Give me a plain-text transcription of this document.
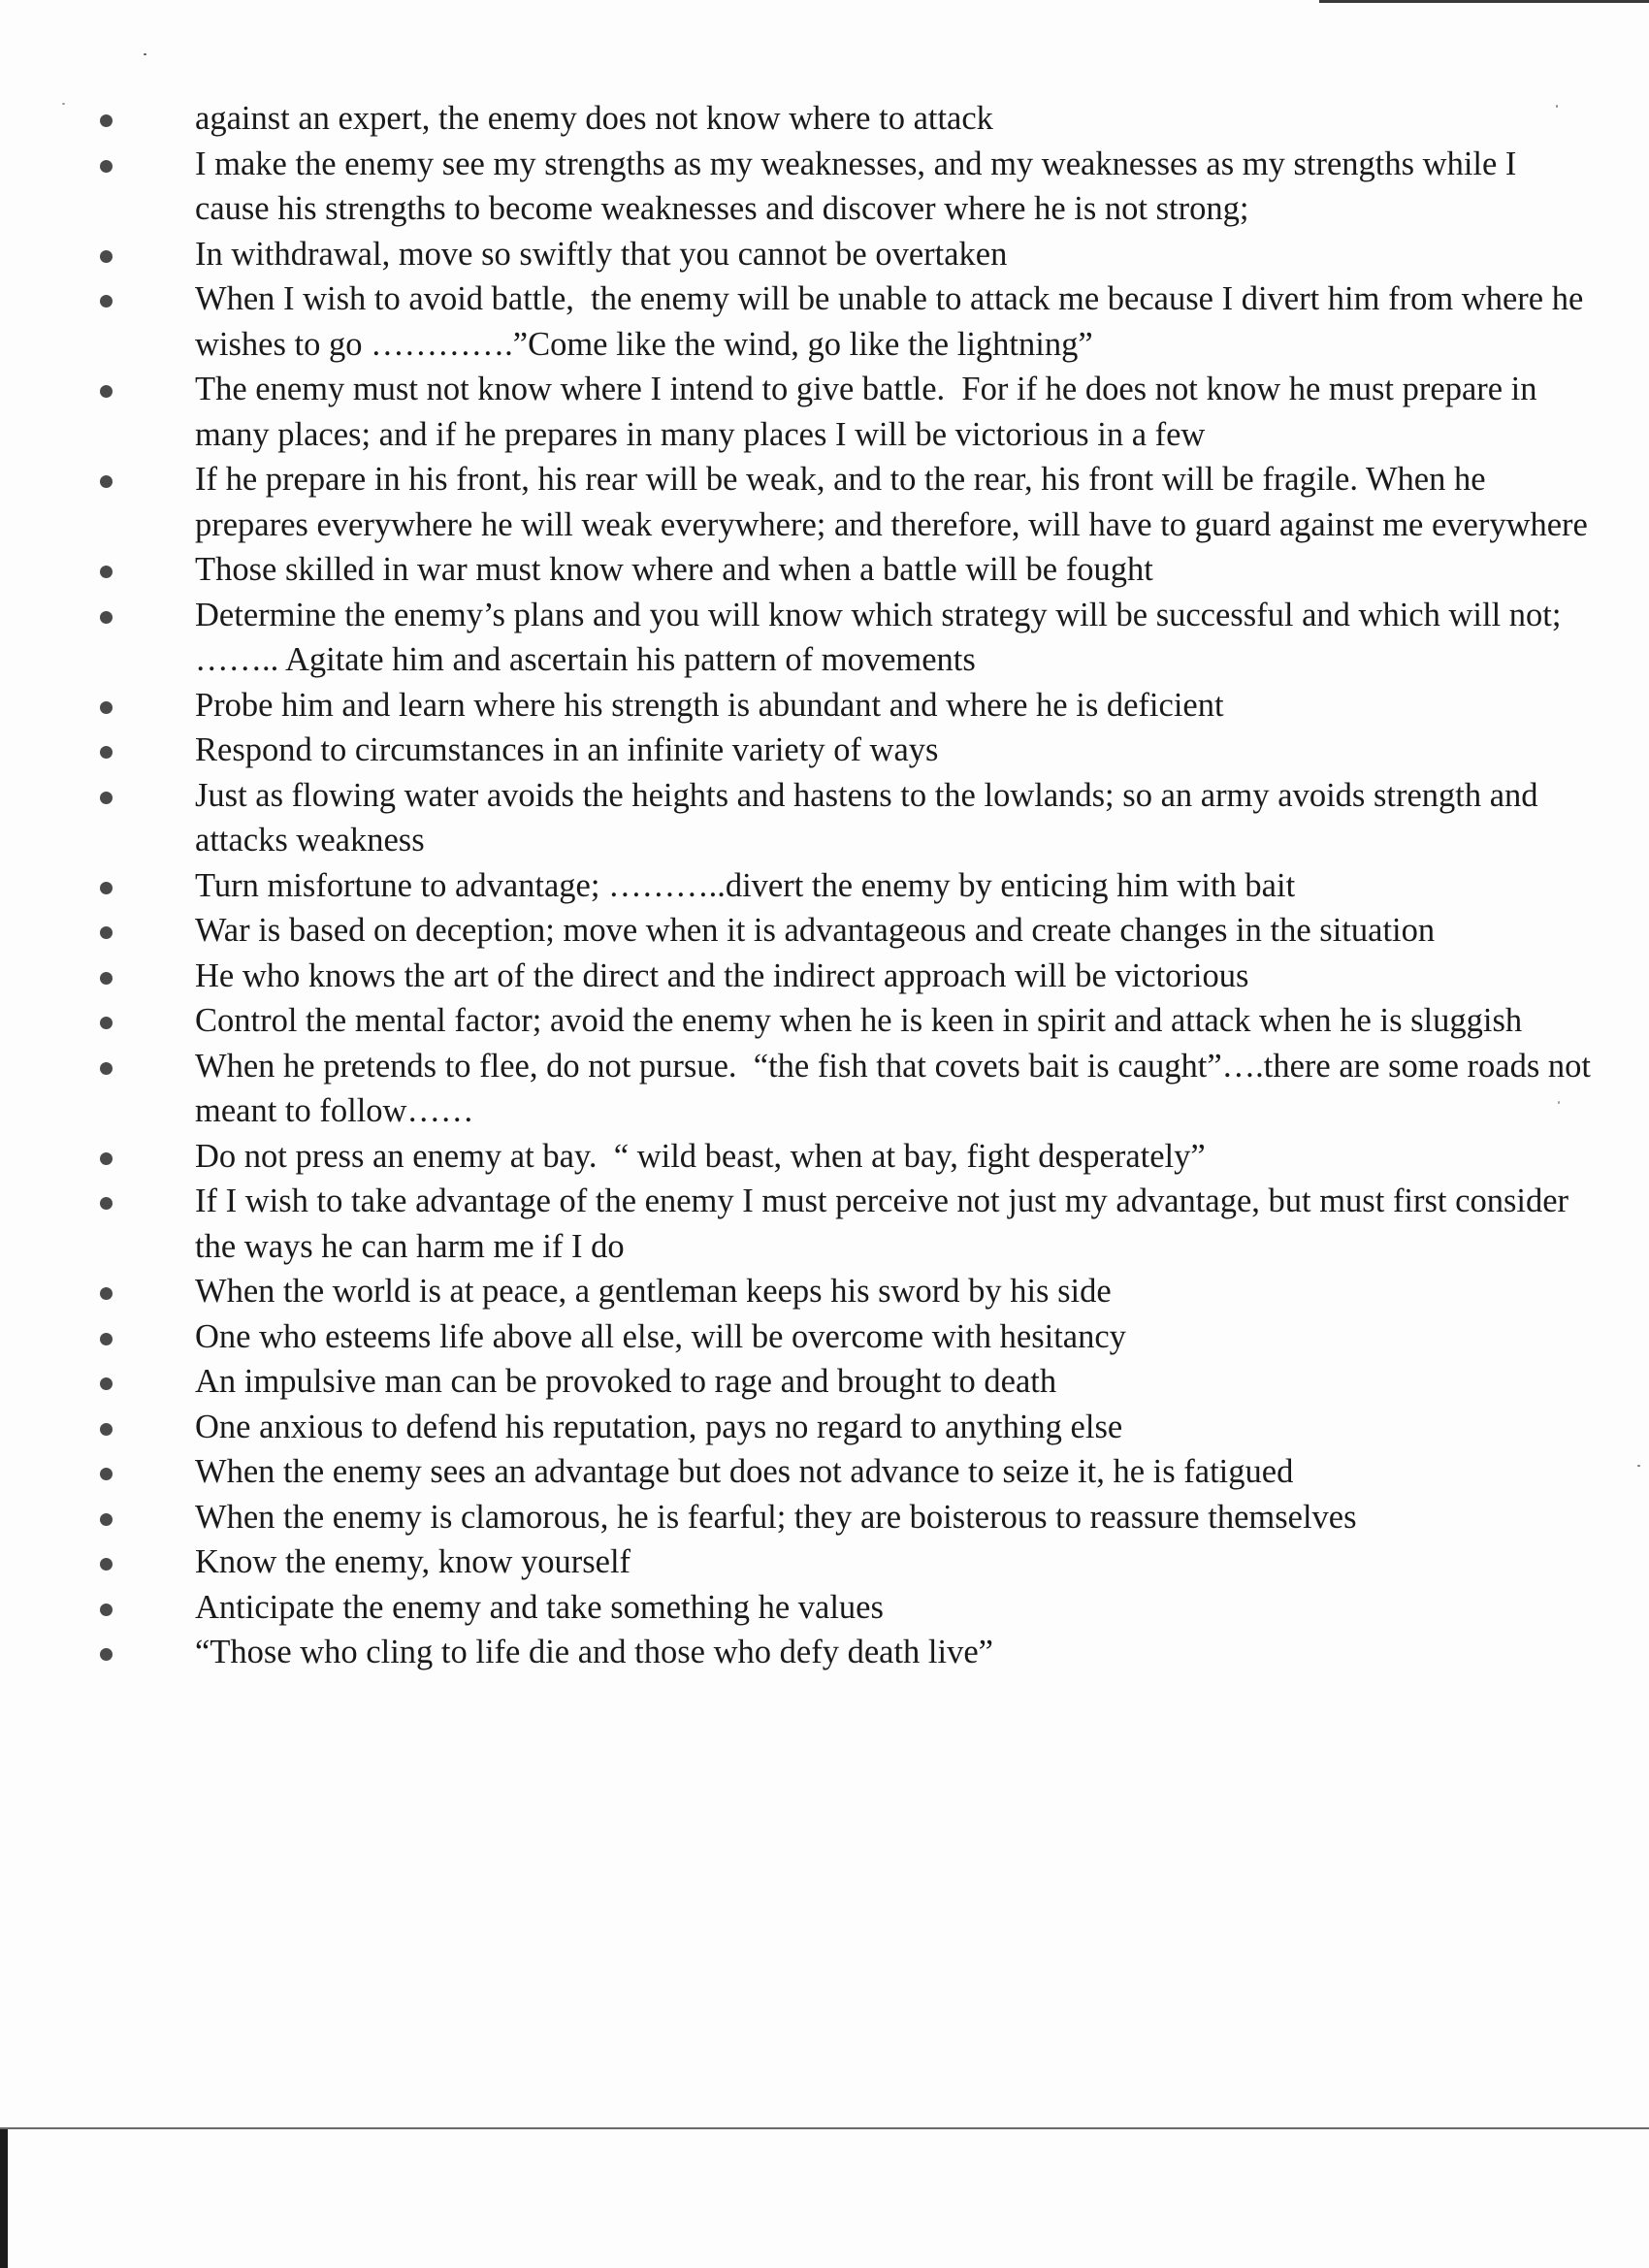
against an expert, the enemy does not know where to attack
I make the enemy see my strengths as my weaknesses, and my weaknesses as my strengths while I cause his strengths to become weaknesses and discover where he is not strong;
In withdrawal, move so swiftly that you cannot be overtaken
When I wish to avoid battle,  the enemy will be unable to attack me because I divert him from where he wishes to go ………….”Come like the wind, go like the lightning”
The enemy must not know where I intend to give battle.  For if he does not know he must prepare in many places; and if he prepares in many places I will be victorious in a few
If he prepare in his front, his rear will be weak, and to the rear, his front will be fragile. When he prepares everywhere he will weak everywhere; and therefore, will have to guard against me everywhere
Those skilled in war must know where and when a battle will be fought
Determine the enemy’s plans and you will know which strategy will be successful and which will not; …….. Agitate him and ascertain his pattern of movements
Probe him and learn where his strength is abundant and where he is deficient
Respond to circumstances in an infinite variety of ways
Just as flowing water avoids the heights and hastens to the lowlands; so an army avoids strength and attacks weakness
Turn misfortune to advantage; ………..divert the enemy by enticing him with bait
War is based on deception; move when it is advantageous and create changes in the situation
He who knows the art of the direct and the indirect approach will be victorious
Control the mental factor; avoid the enemy when he is keen in spirit and attack when he is sluggish
When he pretends to flee, do not pursue.  “the fish that covets bait is caught”….there are some roads not meant to follow……
Do not press an enemy at bay.  “ wild beast, when at bay, fight desperately”
If I wish to take advantage of the enemy I must perceive not just my advantage, but must first consider the ways he can harm me if I do
When the world is at peace, a gentleman keeps his sword by his side
One who esteems life above all else, will be overcome with hesitancy
An impulsive man can be provoked to rage and brought to death
One anxious to defend his reputation, pays no regard to anything else
When the enemy sees an advantage but does not advance to seize it, he is fatigued
When the enemy is clamorous, he is fearful; they are boisterous to reassure themselves
Know the enemy, know yourself
Anticipate the enemy and take something he values
“Those who cling to life die and those who defy death live”
